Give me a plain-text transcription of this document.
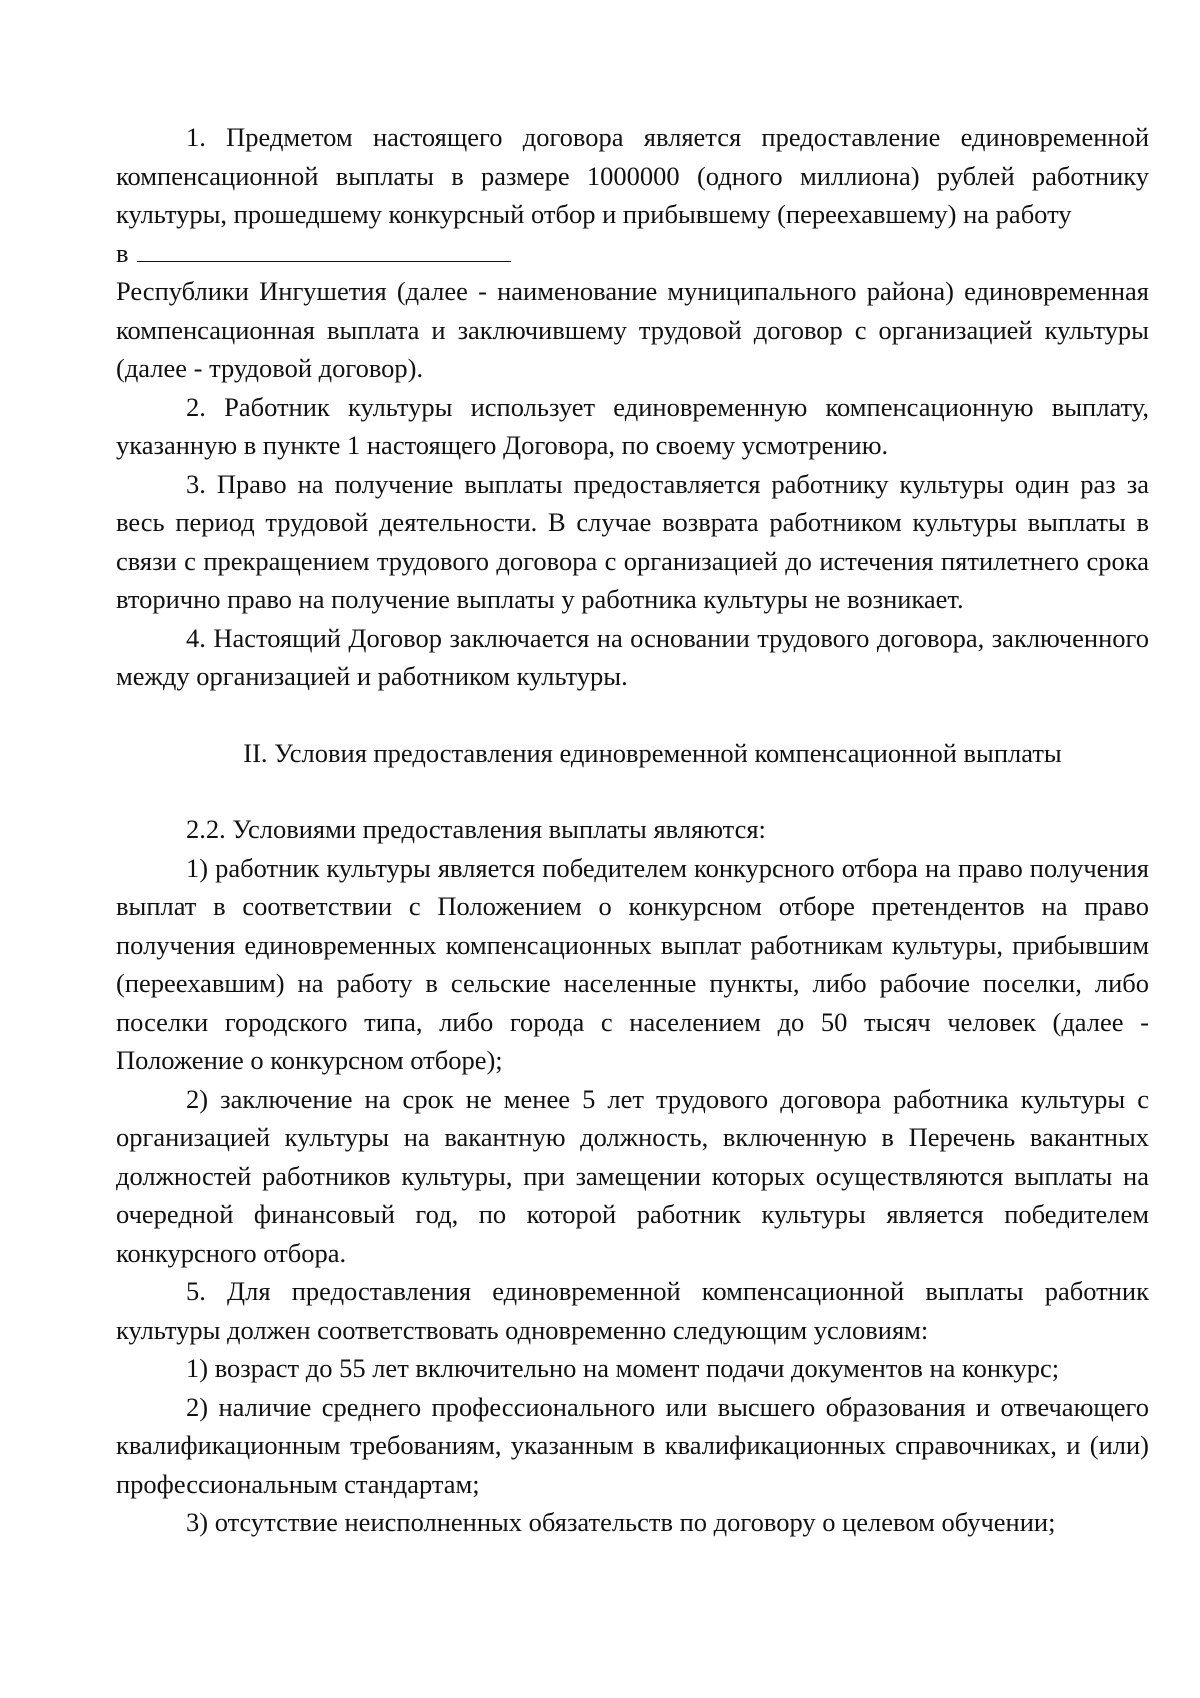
1. Предметом настоящего договора является предоставление единовременной компенсационной выплаты в размере 1000000 (одного миллиона) рублей работнику культуры, прошедшему конкурсный отбор и прибывшему (переехавшему) на работу

в

Республики Ингушетия (далее - наименование муниципального района) единовременная компенсационная выплата и заключившему трудовой договор с организацией культуры (далее - трудовой договор).

2. Работник культуры использует единовременную компенсационную выплату, указанную в пункте 1 настоящего Договора, по своему усмотрению.

3. Право на получение выплаты предоставляется работнику культуры один раз за весь период трудовой деятельности. В случае возврата работником культуры выплаты в связи с прекращением трудового договора с организацией до истечения пятилетнего срока вторично право на получение выплаты у работника культуры не возникает.

4. Настоящий Договор заключается на основании трудового договора, заключенного между организацией и работником культуры.

II. Условия предоставления единовременной компенсационной выплаты

2.2. Условиями предоставления выплаты являются:

1) работник культуры является победителем конкурсного отбора на право получения выплат в соответствии с Положением о конкурсном отборе претендентов на право получения единовременных компенсационных выплат работникам культуры, прибывшим (переехавшим) на работу в сельские населенные пункты, либо рабочие поселки, либо поселки городского типа, либо города с населением до 50 тысяч человек (далее - Положение о конкурсном отборе);

2) заключение на срок не менее 5 лет трудового договора работника культуры с организацией культуры на вакантную должность, включенную в Перечень вакантных должностей работников культуры, при замещении которых осуществляются выплаты на очередной финансовый год, по которой работник культуры является победителем конкурсного отбора.

5. Для предоставления единовременной компенсационной выплаты работник культуры должен соответствовать одновременно следующим условиям:

1) возраст до 55 лет включительно на момент подачи документов на конкурс;

2) наличие среднего профессионального или высшего образования и отвечающего квалификационным требованиям, указанным в квалификационных справочниках, и (или) профессиональным стандартам;

3) отсутствие неисполненных обязательств по договору о целевом обучении;
